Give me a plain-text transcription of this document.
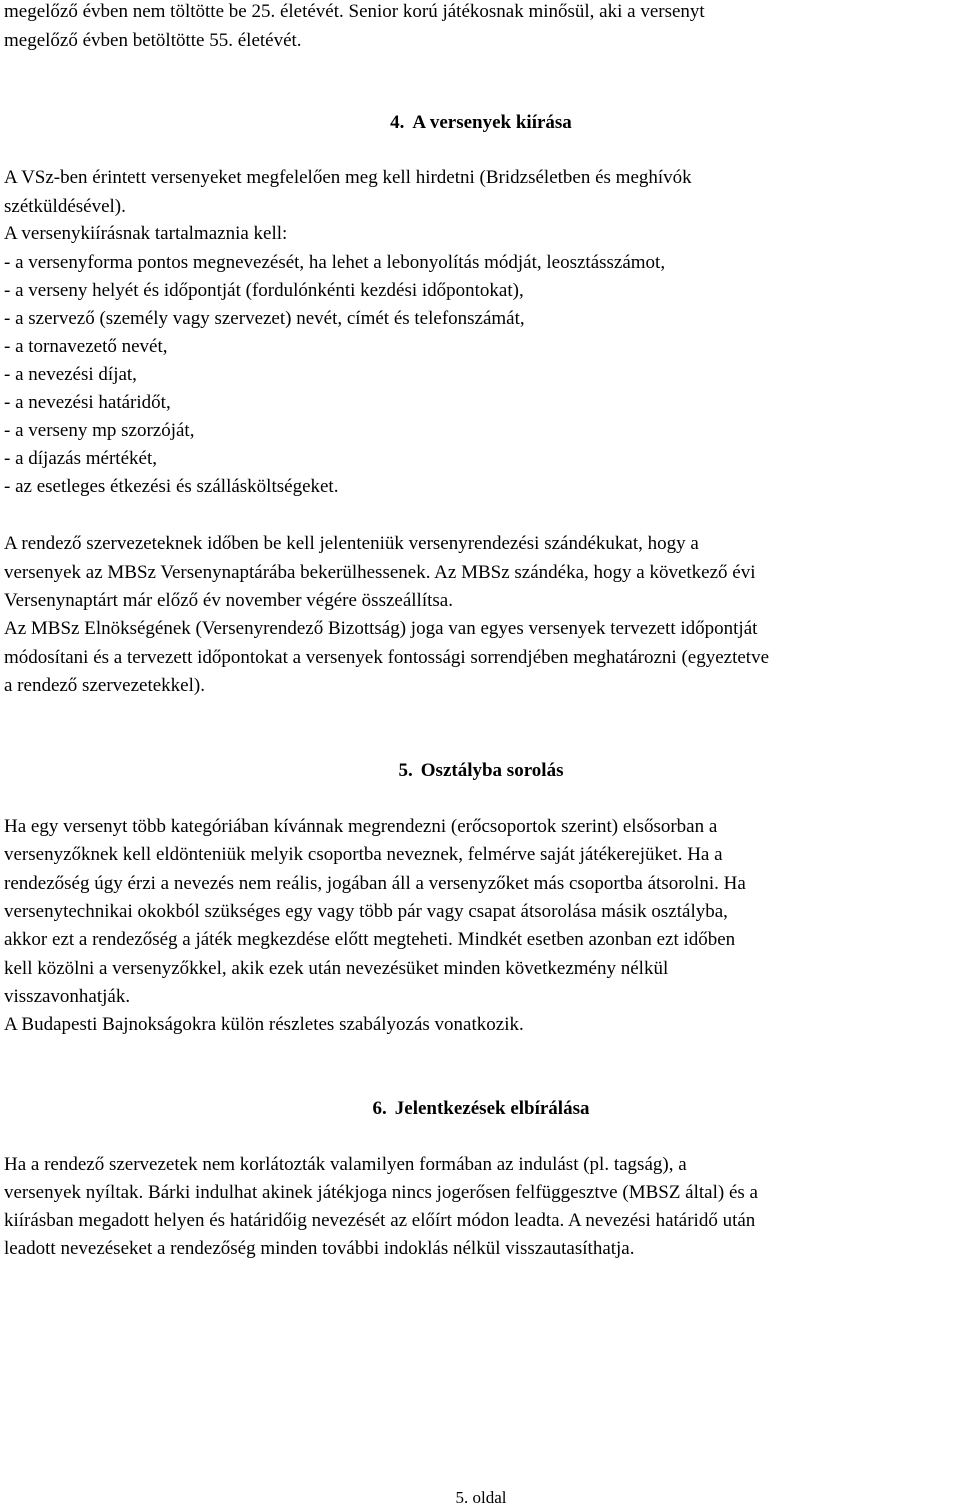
megelőző évben nem töltötte be 25. életévét. Senior korú játékosnak minősül, aki a versenyt
megelőző évben betöltötte 55. életévét.
4. A versenyek kiírása
A VSz-ben érintett versenyeket megfelelően meg kell hirdetni (Bridzséletben és meghívók
szétküldésével).
A versenykiírásnak tartalmaznia kell:
- a versenyforma pontos megnevezését, ha lehet a lebonyolítás módját, leosztásszámot,
- a verseny helyét és időpontját (fordulónkénti kezdési időpontokat),
- a szervező (személy vagy szervezet) nevét, címét és telefonszámát,
- a tornavezető nevét,
- a nevezési díjat,
- a nevezési határidőt,
- a verseny mp szorzóját,
- a díjazás mértékét,
- az esetleges étkezési és szállásköltségeket.
A rendező szervezeteknek időben be kell jelenteniük versenyrendezési szándékukat, hogy a
versenyek az MBSz Versenynaptárába bekerülhessenek. Az MBSz szándéka, hogy a következő évi
Versenynaptárt már előző év november végére összeállítsa.
Az MBSz Elnökségének (Versenyrendező Bizottság) joga van egyes versenyek tervezett időpontját
módosítani és a tervezett időpontokat a versenyek fontossági sorrendjében meghatározni (egyeztetve
a rendező szervezetekkel).
5. Osztályba sorolás
Ha egy versenyt több kategóriában kívánnak megrendezni (erőcsoportok szerint) elsősorban a
versenyzőknek kell eldönteniük melyik csoportba neveznek, felmérve saját játékerejüket. Ha a
rendezőség úgy érzi a nevezés nem reális, jogában áll a versenyzőket más csoportba átsorolni. Ha
versenytechnikai okokból szükséges egy vagy több pár vagy csapat átsorolása másik osztályba,
akkor ezt a rendezőség a játék megkezdése előtt megteheti. Mindkét esetben azonban ezt időben
kell közölni a versenyzőkkel, akik ezek után nevezésüket minden következmény nélkül
visszavonhatják.
A Budapesti Bajnokságokra külön részletes szabályozás vonatkozik.
6. Jelentkezések elbírálása
Ha a rendező szervezetek nem korlátozták valamilyen formában az indulást (pl. tagság), a
versenyek nyíltak. Bárki indulhat akinek játékjoga nincs jogerősen felfüggesztve (MBSZ által) és a
kiírásban megadott helyen és határidőig nevezését az előírt módon leadta. A nevezési határidő után
leadott nevezéseket a rendezőség minden további indoklás nélkül visszautasíthatja.
5. oldal
